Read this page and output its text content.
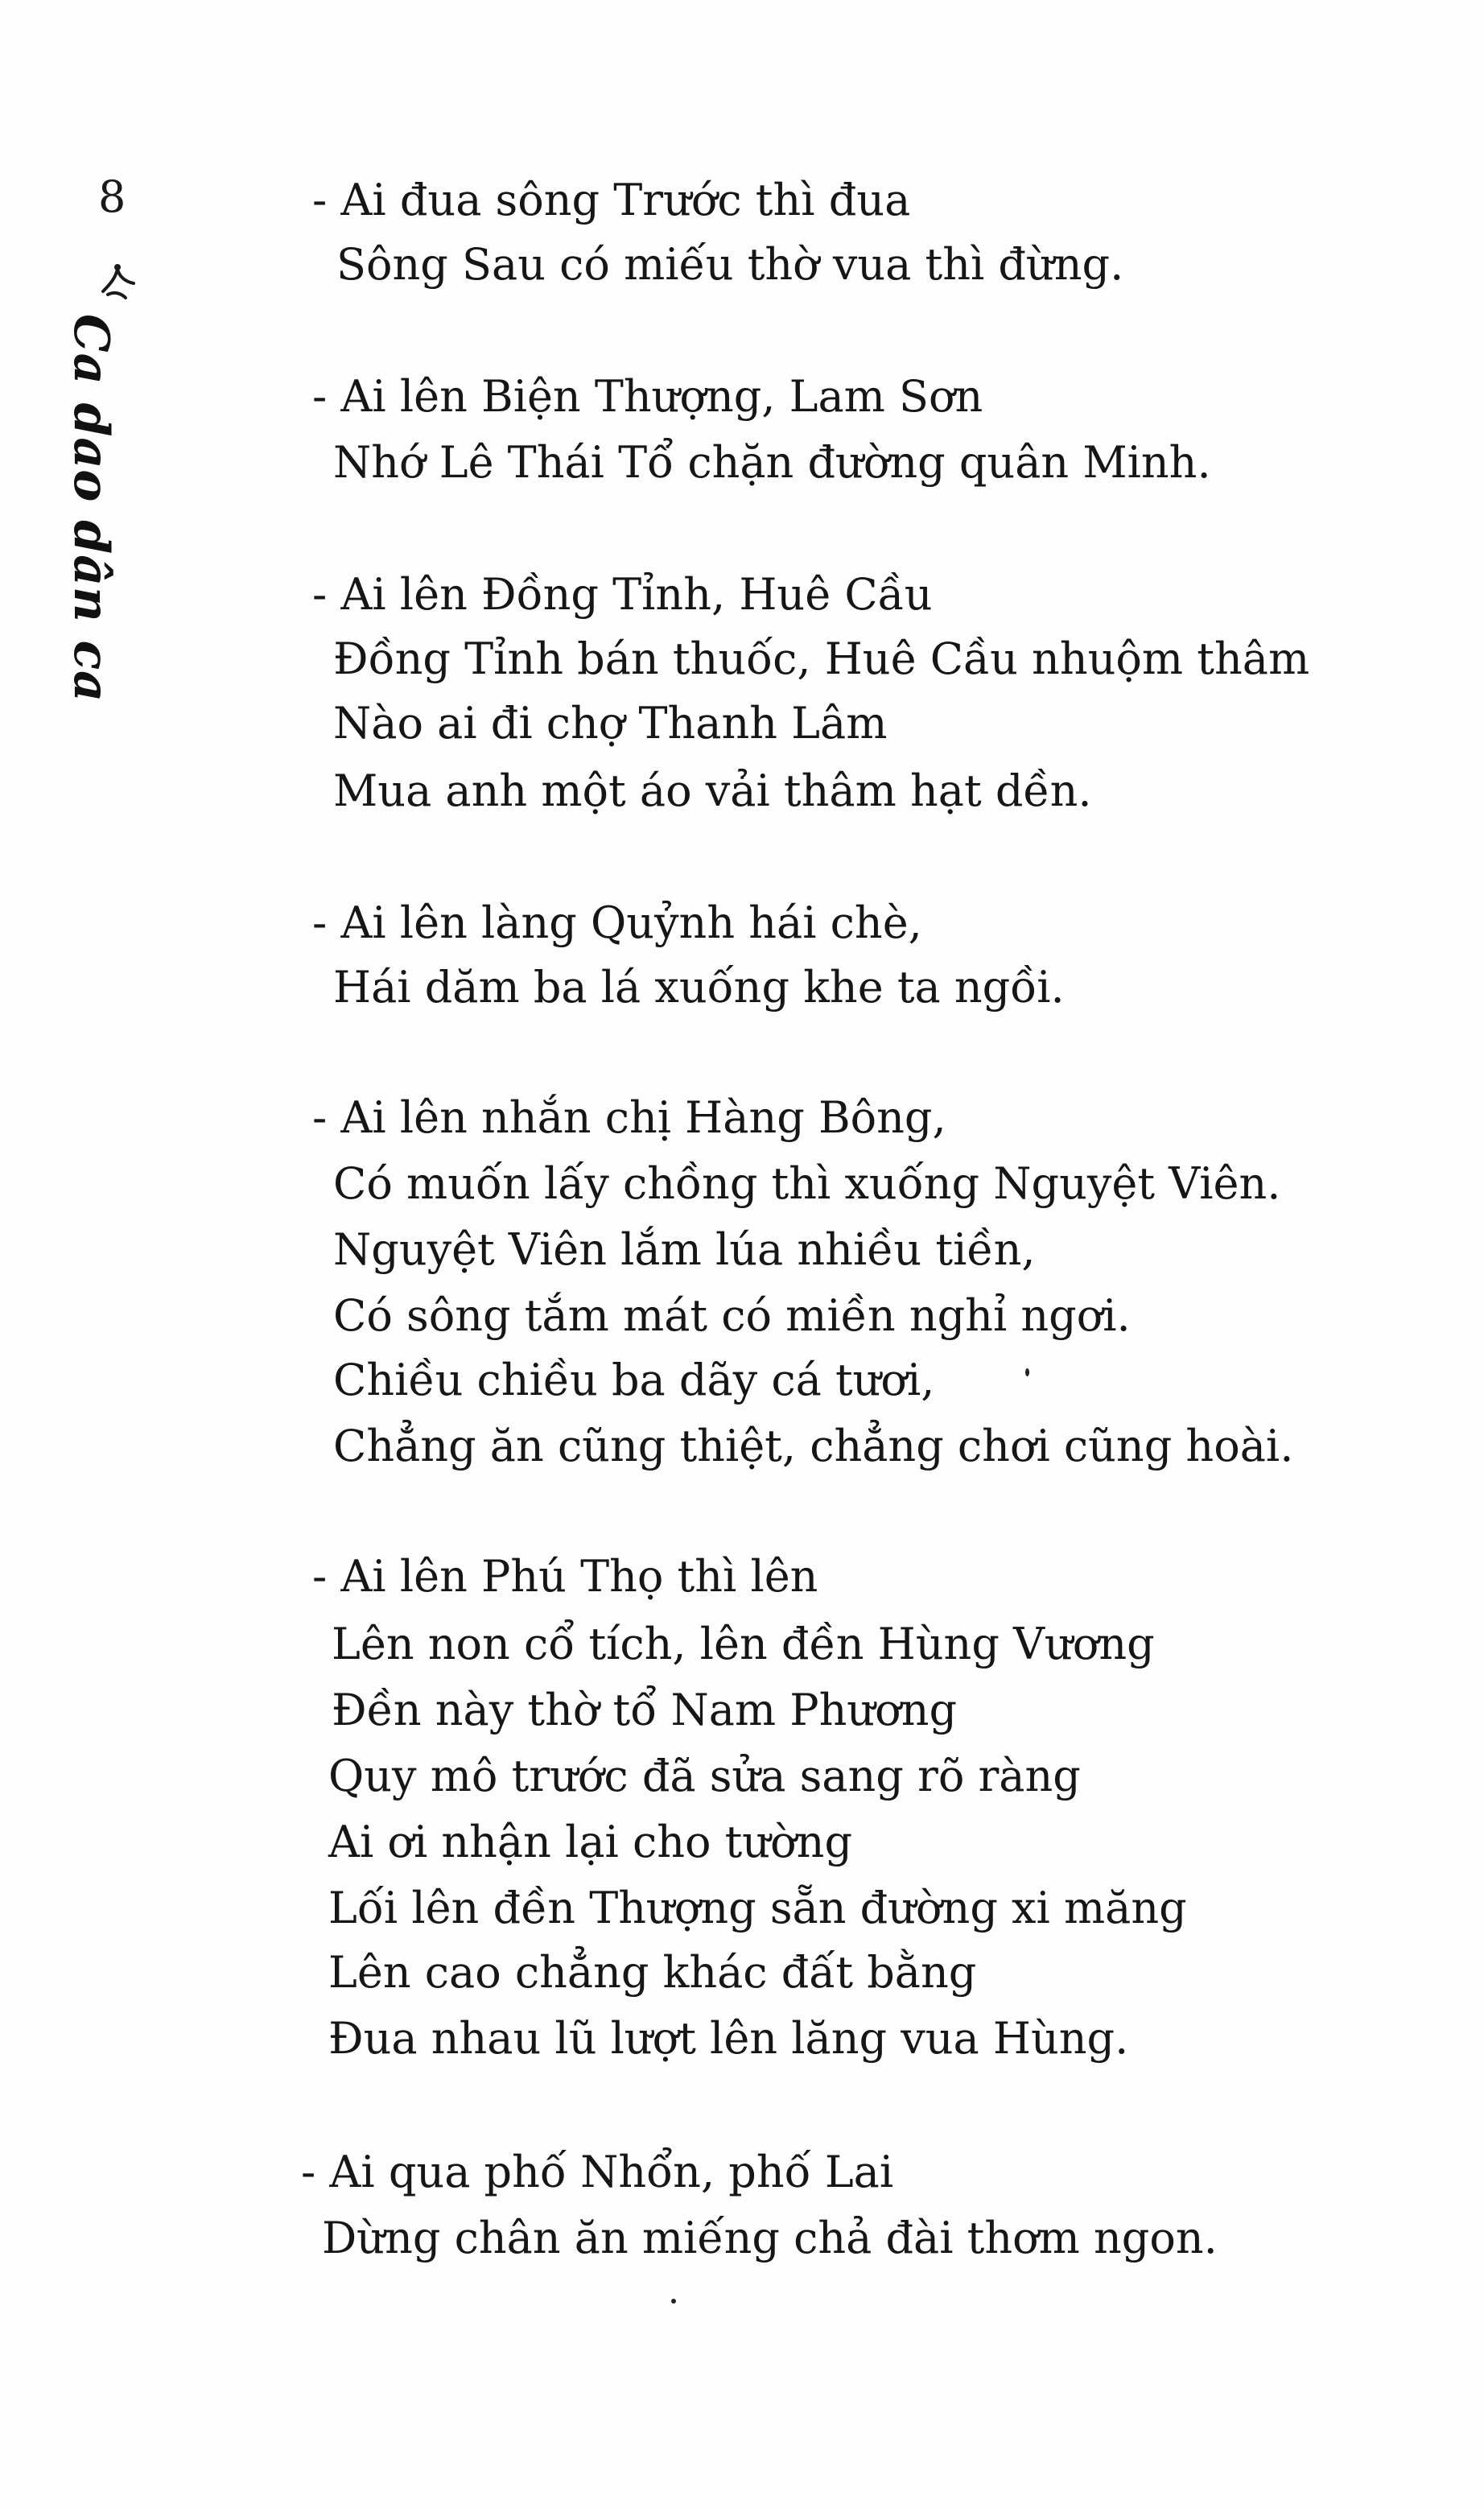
8
Ca dao dân ca
- Ai đua sông Trước thì đua
Sông Sau có miếu thờ vua thì đừng.
- Ai lên Biện Thượng, Lam Sơn
Nhớ Lê Thái Tổ chặn đường quân Minh.
- Ai lên Đồng Tỉnh, Huê Cầu
Đồng Tỉnh bán thuốc, Huê Cầu nhuộm thâm
Nào ai đi chợ Thanh Lâm
Mua anh một áo vải thâm hạt dền.
- Ai lên làng Quỷnh hái chè,
Hái dăm ba lá xuống khe ta ngồi.
- Ai lên nhắn chị Hàng Bông,
Có muốn lấy chồng thì xuống Nguyệt Viên.
Nguyệt Viên lắm lúa nhiều tiền,
Có sông tắm mát có miền nghỉ ngơi.
Chiều chiều ba dãy cá tươi,
Chẳng ăn cũng thiệt, chẳng chơi cũng hoài.
- Ai lên Phú Thọ thì lên
Lên non cổ tích, lên đền Hùng Vương
Đền này thờ tổ Nam Phương
Quy mô trước đã sửa sang rõ ràng
Ai ơi nhận lại cho tường
Lối lên đền Thượng sẵn đường xi măng
Lên cao chẳng khác đất bằng
Đua nhau lũ lượt lên lăng vua Hùng.
- Ai qua phố Nhổn, phố Lai
Dừng chân ăn miếng chả đài thơm ngon.
